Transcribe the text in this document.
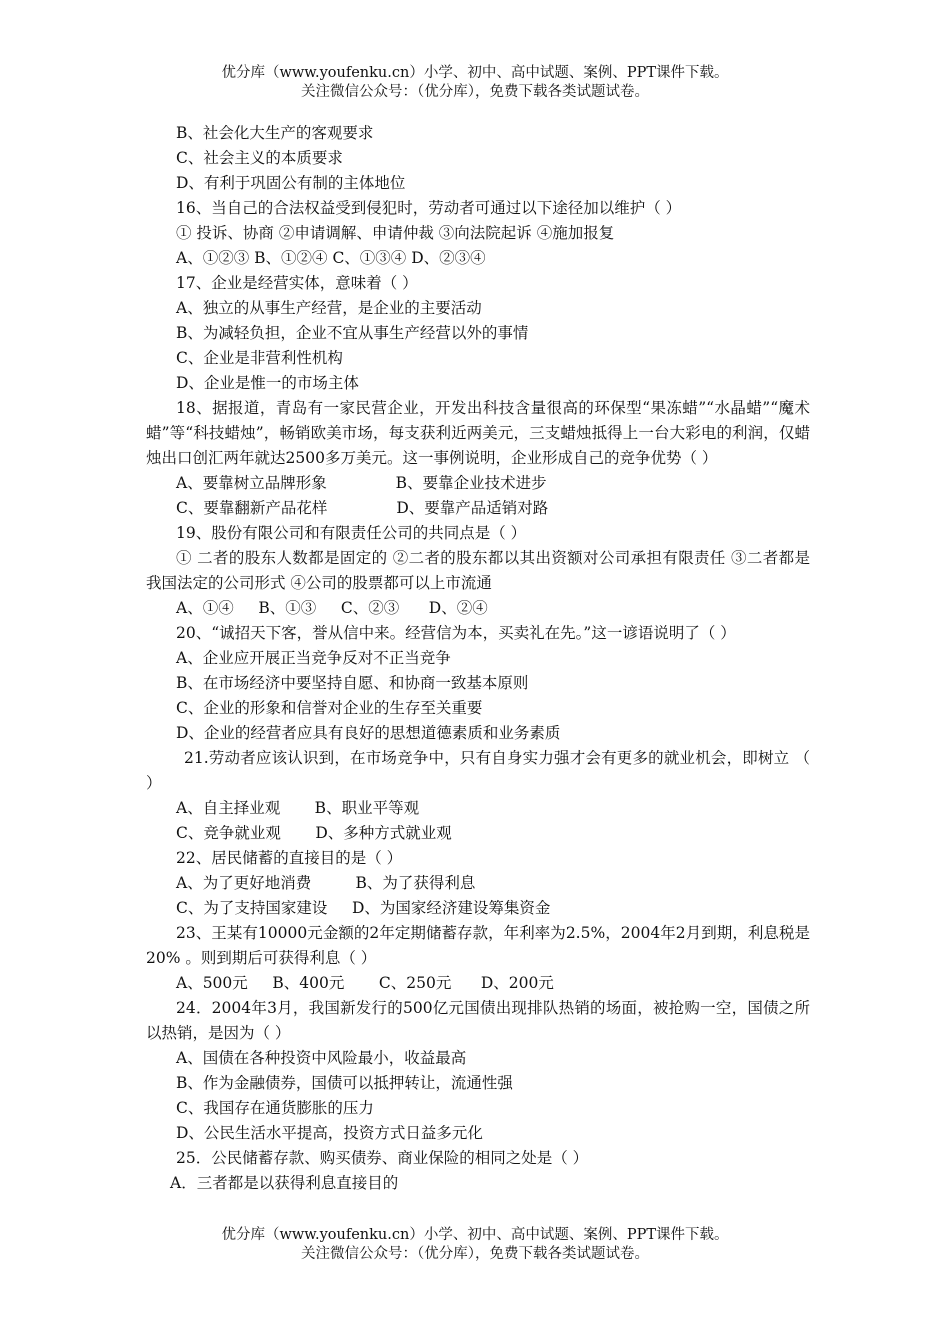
优分库（www.youfenku.cn）小学、初中、高中试题、案例、PPT课件下载。
关注微信公众号：（优分库），免费下载各类试题试卷。

B、社会化大生产的客观要求

C、社会主义的本质要求

D、有利于巩固公有制的主体地位

16、当自己的合法权益受到侵犯时，劳动者可通过以下途径加以维护（ ）

① 投诉、协商 ②申请调解、申请仲裁 ③向法院起诉 ④施加报复

A、①②③ B、①②④ C、①③④ D、②③④

17、企业是经营实体，意味着（ ）

A、独立的从事生产经营，是企业的主要活动

B、为减轻负担，企业不宜从事生产经营以外的事情

C、企业是非营利性机构

D、企业是惟一的市场主体

18、据报道，青岛有一家民营企业，开发出科技含量很高的环保型“果冻蜡”“水晶蜡”“魔术蜡”等“科技蜡烛”，畅销欧美市场，每支获利近两美元，三支蜡烛抵得上一台大彩电的利润，仅蜡烛出口创汇两年就达2500多万美元。这一事例说明，企业形成自己的竞争优势（ ）

A、要靠树立品牌形象              B、要靠企业技术进步

C、要靠翻新产品花样              D、要靠产品适销对路

19、股份有限公司和有限责任公司的共同点是（ ）

① 二者的股东人数都是固定的 ②二者的股东都以其出资额对公司承担有限责任 ③二者都是我国法定的公司形式 ④公司的股票都可以上市流通

A、①④     B、①③     C、②③      D、②④

20、“诚招天下客，誉从信中来。经营信为本，买卖礼在先。”这一谚语说明了（ ）

A、企业应开展正当竞争反对不正当竞争

B、在市场经济中要坚持自愿、和协商一致基本原则

C、企业的形象和信誉对企业的生存至关重要

D、企业的经营者应具有良好的思想道德素质和业务素质

21.劳动者应该认识到，在市场竞争中，只有自身实力强才会有更多的就业机会，即树立 （ ）

A、自主择业观       B、职业平等观

C、竞争就业观       D、多种方式就业观

22、居民储蓄的直接目的是（ ）

A、为了更好地消费         B、为了获得利息

C、为了支持国家建设     D、为国家经济建设筹集资金

23、王某有10000元金额的2年定期储蓄存款，年利率为2.5%，2004年2月到期，利息税是20% 。则到期后可获得利息（ ）

A、500元     B、400元       C、250元      D、200元

24．2004年3月，我国新发行的500亿元国债出现排队热销的场面，被抢购一空，国债之所以热销，是因为（ ）

A、国债在各种投资中风险最小，收益最高

B、作为金融债券，国债可以抵押转让，流通性强

C、我国存在通货膨胀的压力

D、公民生活水平提高，投资方式日益多元化

25．公民储蓄存款、购买债券、商业保险的相同之处是（ ）

A．三者都是以获得利息直接目的

优分库（www.youfenku.cn）小学、初中、高中试题、案例、PPT课件下载。
关注微信公众号：（优分库），免费下载各类试题试卷。
